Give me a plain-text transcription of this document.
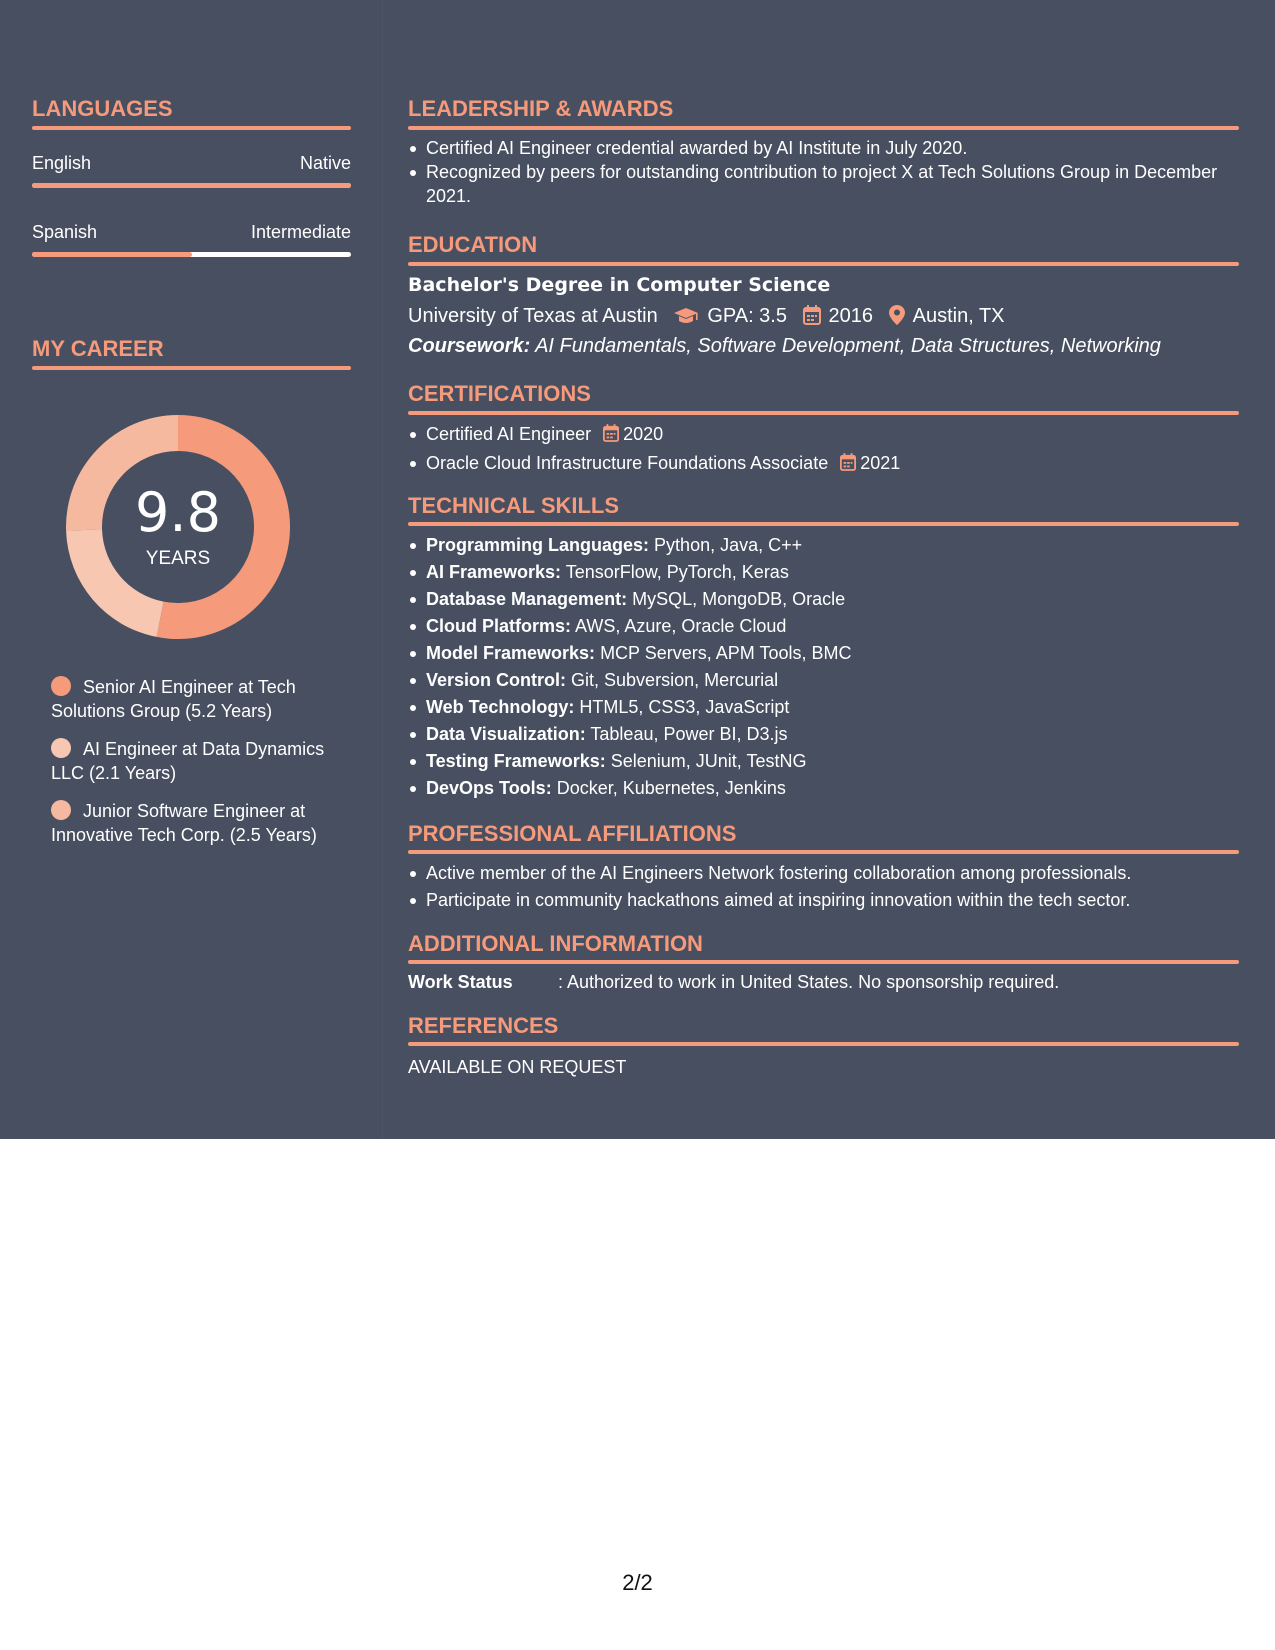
LANGUAGES
English	Native
Spanish	Intermediate
MY CAREER
9.8
YEARS
Senior AI Engineer at Tech Solutions Group (5.2 Years)
AI Engineer at Data Dynamics LLC (2.1 Years)
Junior Software Engineer at Innovative Tech Corp. (2.5 Years)
LEADERSHIP & AWARDS
Certified AI Engineer credential awarded by AI Institute in July 2020.
Recognized by peers for outstanding contribution to project X at Tech Solutions Group in December 2021.
EDUCATION
Bachelor's Degree in Computer Science
University of Texas at Austin GPA: 3.5 2016 Austin, TX
Coursework: AI Fundamentals, Software Development, Data Structures, Networking
CERTIFICATIONS
Certified AI Engineer 2020
Oracle Cloud Infrastructure Foundations Associate 2021
TECHNICAL SKILLS
Programming Languages: Python, Java, C++
AI Frameworks: TensorFlow, PyTorch, Keras
Database Management: MySQL, MongoDB, Oracle
Cloud Platforms: AWS, Azure, Oracle Cloud
Model Frameworks: MCP Servers, APM Tools, BMC
Version Control: Git, Subversion, Mercurial
Web Technology: HTML5, CSS3, JavaScript
Data Visualization: Tableau, Power BI, D3.js
Testing Frameworks: Selenium, JUnit, TestNG
DevOps Tools: Docker, Kubernetes, Jenkins
PROFESSIONAL AFFILIATIONS
Active member of the AI Engineers Network fostering collaboration among professionals.
Participate in community hackathons aimed at inspiring innovation within the tech sector.
ADDITIONAL INFORMATION
Work Status	: Authorized to work in United States. No sponsorship required.
REFERENCES
AVAILABLE ON REQUEST
2/2
